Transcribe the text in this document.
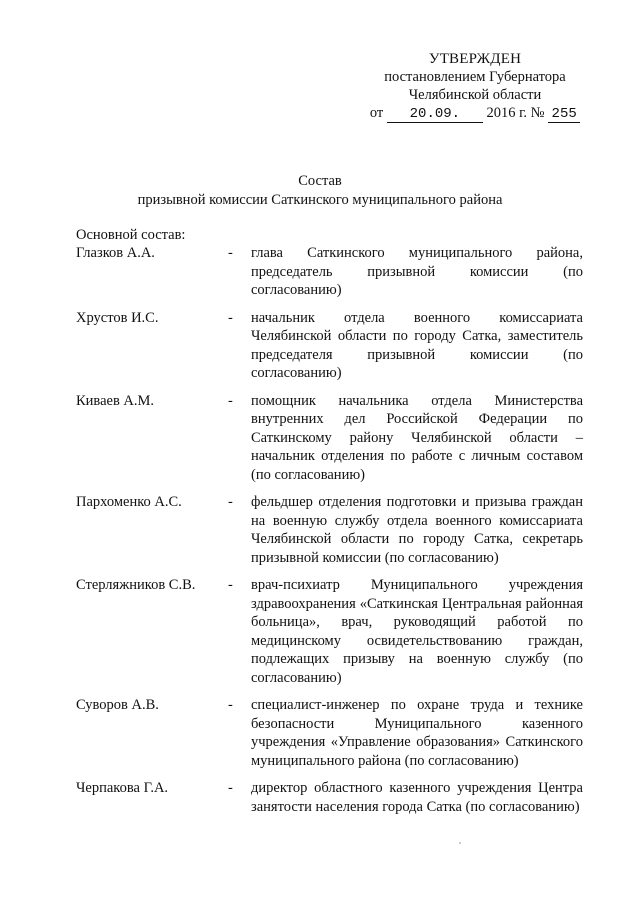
УТВЕРЖДЕН
постановлением Губернатора
Челябинской области
от 20.09. 2016 г. № 255
Состав
призывной комиссии Саткинского муниципального района
Основной состав:
Глазков А.А.	-	глава Саткинского муниципального района, председатель призывной комиссии (по согласованию)
Хрустов И.С.	-	начальник отдела военного комиссариата Челябинской области по городу Сатка, заместитель председателя призывной комиссии (по согласованию)
Киваев А.М.	-	помощник начальника отдела Министерства внутренних дел Российской Федерации по Саткинскому району Челябинской области – начальник отделения по работе с личным составом (по согласованию)
Пархоменко А.С.	-	фельдшер отделения подготовки и призыва граждан на военную службу отдела военного комиссариата Челябинской области по городу Сатка, секретарь призывной комиссии (по согласованию)
Стерляжников С.В.	-	врач-психиатр Муниципального учреждения здравоохранения «Саткинская Центральная районная больница», врач, руководящий работой по медицинскому освидетельствованию граждан, подлежащих призыву на военную службу (по согласованию)
Суворов А.В.	-	специалист-инженер по охране труда и технике безопасности Муниципального казенного учреждения «Управление образования» Саткинского муниципального района (по согласованию)
Черпакова Г.А.	-	директор областного казенного учреждения Центра занятости населения города Сатка (по согласованию)
